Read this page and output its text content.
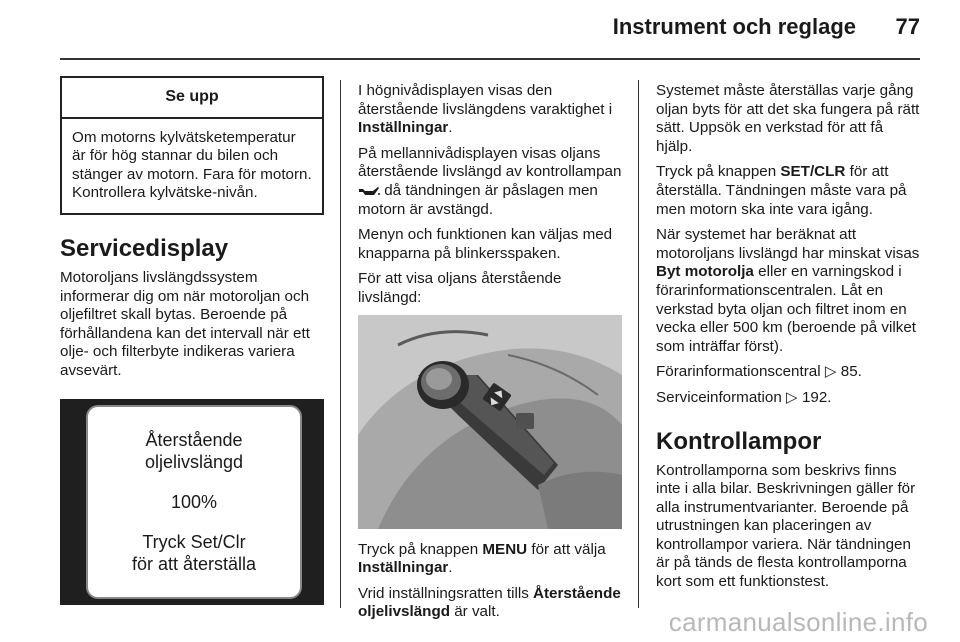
Instrument och reglage 77
Se upp
Om motorns kylvätsketemperatur är för hög stannar du bilen och stänger av motorn. Fara för motorn. Kontrollera kylvätske-nivån.
Servicedisplay

Motoroljans livslängdssystem informerar dig om när motoroljan och oljefiltret skall bytas. Beroende på förhållandena kan det intervall när ett olje- och filterbyte indikeras variera avsevärt.

Återstående
oljelivslängd
100%
Tryck Set/Clr
för att återställa

I högnivådisplayen visas den återstående livslängdens varaktighet i Inställningar.

På mellannivådisplayen visas oljans återstående livslängd av kontrollampan  då tändningen är påslagen men motorn är avstängd.

Menyn och funktionen kan väljas med knapparna på blinkersspaken.

För att visa oljans återstående livslängd:

Tryck på knappen MENU för att välja Inställningar.

Vrid inställningsratten tills Återstående oljelivslängd är valt.

Systemet måste återställas varje gång oljan byts för att det ska fungera på rätt sätt. Uppsök en verkstad för att få hjälp.

Tryck på knappen SET/CLR för att återställa. Tändningen måste vara på men motorn ska inte vara igång.

När systemet har beräknat att motoroljans livslängd har minskat visas Byt motorolja eller en varningskod i förarinformationscentralen. Låt en verkstad byta oljan och filtret inom en vecka eller 500 km (beroende på vilket som inträffar först).

Förarinformationscentral ▷ 85.

Serviceinformation ▷ 192.

Kontrollampor

Kontrollamporna som beskrivs finns inte i alla bilar. Beskrivningen gäller för alla instrumentvarianter. Beroende på utrustningen kan placeringen av kontrollampor variera. När tändningen är på tänds de flesta kontrollamporna kort som ett funktionstest.

carmanualsonline.info
